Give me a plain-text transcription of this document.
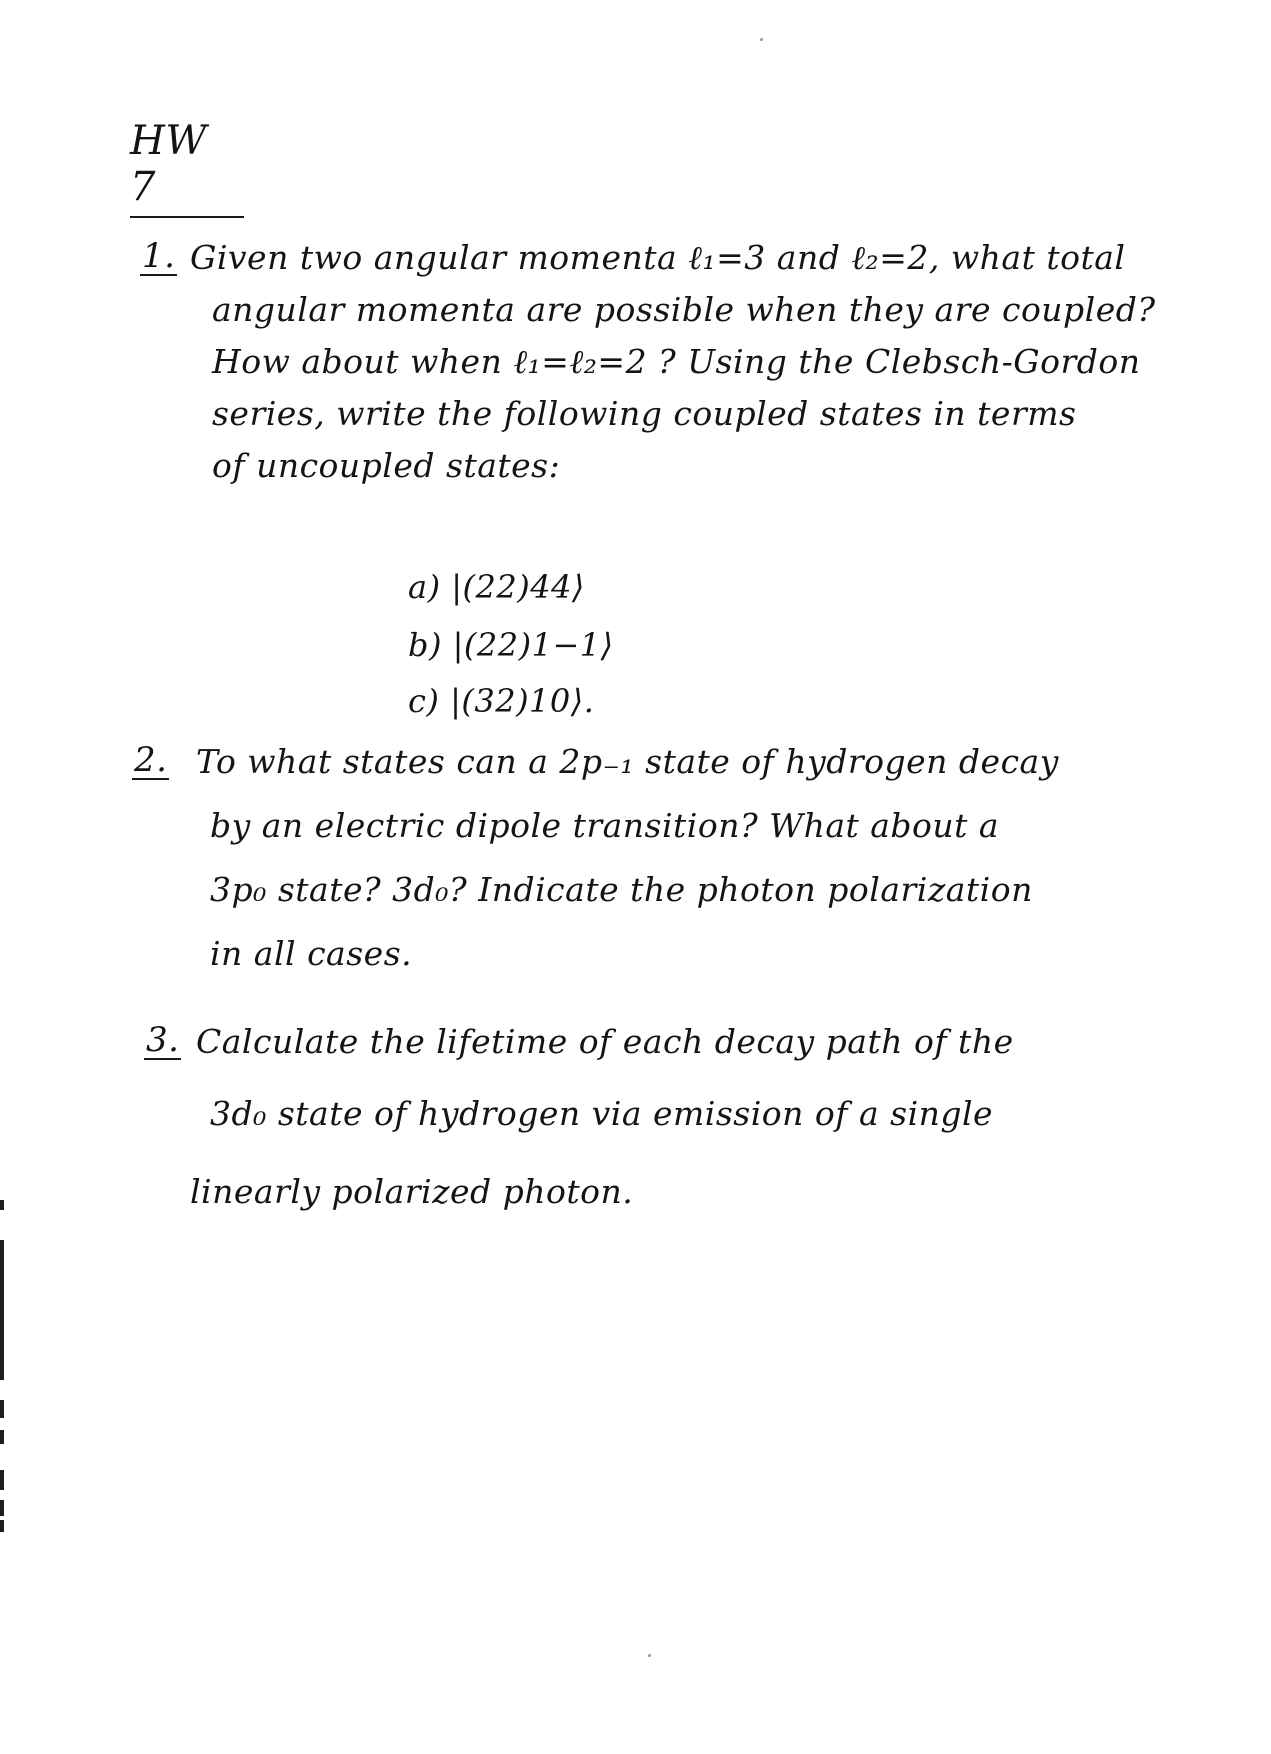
HW 7
1. Given two angular momenta ℓ₁=3 and ℓ₂=2, what total
angular momenta are possible when they are coupled?
How about when ℓ₁=ℓ₂=2 ? Using the Clebsch-Gordon
series, write the following coupled states in terms
of uncoupled states:
a) |(22)44⟩
b) |(22)1−1⟩
c) |(32)10⟩.
2. To what states can a 2p₋₁ state of hydrogen decay
by an electric dipole transition? What about a
3p₀ state? 3d₀? Indicate the photon polarization
in all cases.
3. Calculate the lifetime of each decay path of the
3d₀ state of hydrogen via emission of a single
linearly polarized photon.
